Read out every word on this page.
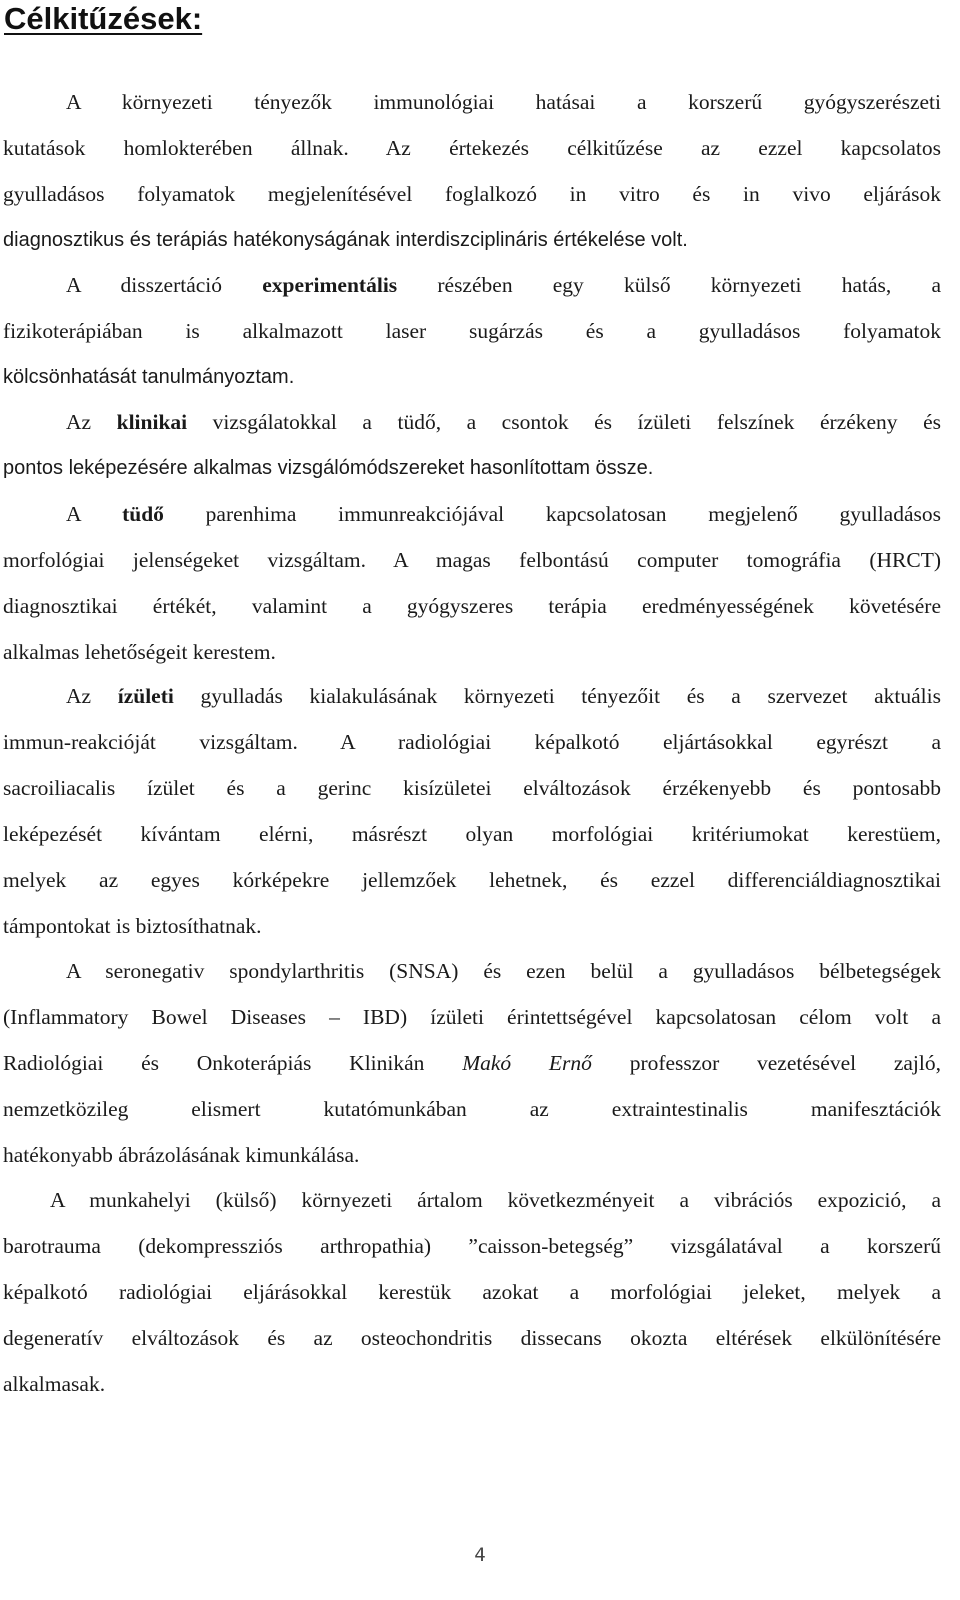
Célkitűzések:
A környezeti tényezők immunológiai hatásai a korszerű gyógyszerészeti
kutatások homlokterében állnak. Az értekezés célkitűzése az ezzel kapcsolatos
gyulladásos folyamatok megjelenítésével foglalkozó in vitro és in vivo eljárások
diagnosztikus és terápiás hatékonyságának interdiszciplináris értékelése volt.
A disszertáció experimentális részében egy külső környezeti hatás, a
fizikoterápiában is alkalmazott laser sugárzás és a gyulladásos folyamatok
kölcsönhatását tanulmányoztam.
Az klinikai vizsgálatokkal a tüdő, a csontok és ízületi felszínek érzékeny és
pontos leképezésére alkalmas vizsgálómódszereket hasonlítottam össze.
A tüdő parenhima immunreakciójával kapcsolatosan megjelenő gyulladásos
morfológiai jelenségeket vizsgáltam. A magas felbontású computer tomográfia (HRCT)
diagnosztikai értékét, valamint a gyógyszeres terápia eredményességének követésére
alkalmas lehetőségeit kerestem.
Az ízületi gyulladás kialakulásának környezeti tényezőit és a szervezet aktuális
immun-reakcióját vizsgáltam. A radiológiai képalkotó eljártásokkal egyrészt a
sacroiliacalis ízület és a gerinc kisízületei elváltozások érzékenyebb és pontosabb
leképezését kívántam elérni, másrészt olyan morfológiai kritériumokat kerestüem,
melyek az egyes kórképekre jellemzőek lehetnek, és ezzel differenciáldiagnosztikai
támpontokat is biztosíthatnak.
A seronegativ spondylarthritis (SNSA) és ezen belül a gyulladásos bélbetegségek
(Inflammatory Bowel Diseases – IBD) ízületi érintettségével kapcsolatosan célom volt a
Radiológiai és Onkoterápiás Klinikán Makó Ernő professzor vezetésével zajló,
nemzetközileg elismert kutatómunkában az extraintestinalis manifesztációk
hatékonyabb ábrázolásának kimunkálása.
A munkahelyi (külső) környezeti ártalom következményeit a vibrációs expozició, a
barotrauma (dekompressziós arthropathia) ”caisson-betegség” vizsgálatával a korszerű
képalkotó radiológiai eljárásokkal kerestük azokat a morfológiai jeleket, melyek a
degeneratív elváltozások és az osteochondritis dissecans okozta eltérések elkülönítésére
alkalmasak.
4
